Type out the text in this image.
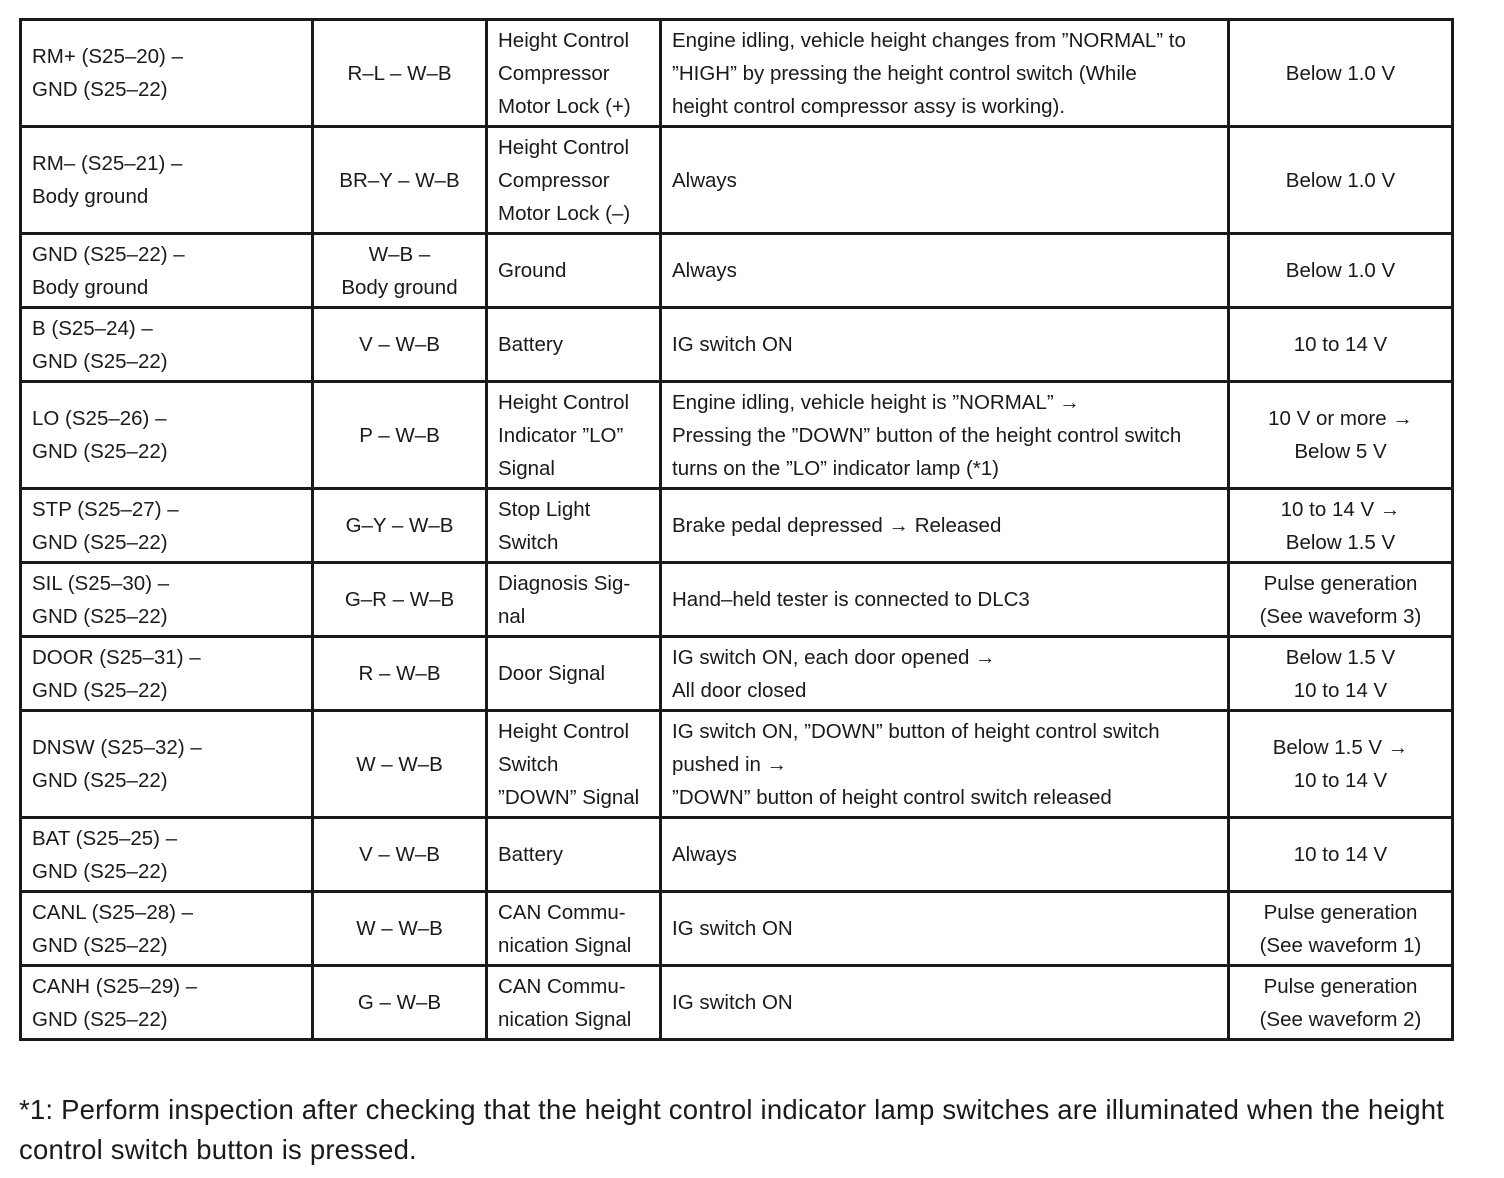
RM+ (S25–20) –
GND (S25–22)	R–L – W–B	Height Control
Compressor
Motor Lock (+)	Engine idling, vehicle height changes from ”NORMAL” to
”HIGH” by pressing the height control switch (While
height control compressor assy is working).	Below 1.0 V
RM– (S25–21) –
Body ground	BR–Y – W–B	Height Control
Compressor
Motor Lock (–)	Always	Below 1.0 V
GND (S25–22) –
Body ground	W–B –
Body ground	Ground	Always	Below 1.0 V
B (S25–24) –
GND (S25–22)	V – W–B	Battery	IG switch ON	10 to 14 V
LO (S25–26) –
GND (S25–22)	P – W–B	Height Control
Indicator ”LO”
Signal	Engine idling, vehicle height is ”NORMAL” →
Pressing the ”DOWN” button of the height control switch
turns on the ”LO” indicator lamp (*1)	10 V or more →
Below 5 V
STP (S25–27) –
GND (S25–22)	G–Y – W–B	Stop Light
Switch	Brake pedal depressed → Released	10 to 14 V →
Below 1.5 V
SIL (S25–30) –
GND (S25–22)	G–R – W–B	Diagnosis Sig-
nal	Hand–held tester is connected to DLC3	Pulse generation
(See waveform 3)
DOOR (S25–31) –
GND (S25–22)	R – W–B	Door Signal	IG switch ON, each door opened →
All door closed	Below 1.5 V
10 to 14 V
DNSW (S25–32) –
GND (S25–22)	W – W–B	Height Control
Switch
”DOWN” Signal	IG switch ON, ”DOWN” button of height control switch
pushed in →
”DOWN” button of height control switch released	Below 1.5 V →
10 to 14 V
BAT (S25–25) –
GND (S25–22)	V – W–B	Battery	Always	10 to 14 V
CANL (S25–28) –
GND (S25–22)	W – W–B	CAN Commu-
nication Signal	IG switch ON	Pulse generation
(See waveform 1)
CANH (S25–29) –
GND (S25–22)	G – W–B	CAN Commu-
nication Signal	IG switch ON	Pulse generation
(See waveform 2)
*1: Perform inspection after checking that the height control indicator lamp switches are illuminated when the height control switch button is pressed.
